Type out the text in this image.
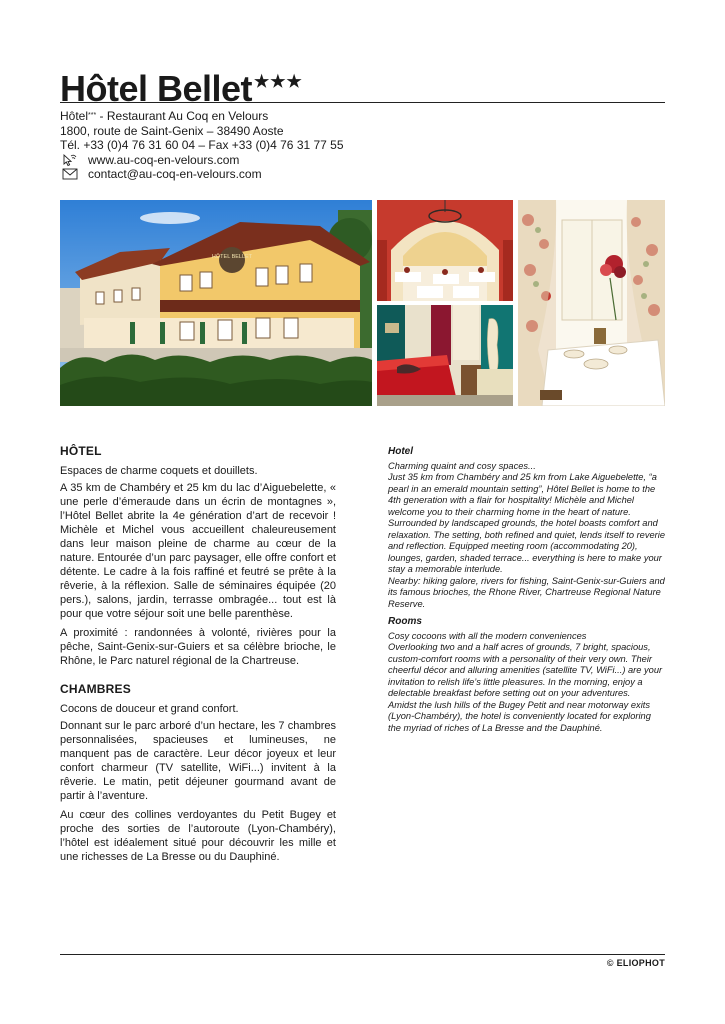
Hôtel Bellet ★★★
Hôtel *** - Restaurant Au Coq en Velours
1800, route de Saint-Genix – 38490 Aoste
Tél. +33 (0)4 76 31 60 04 – Fax +33 (0)4 76 31 77 55
www.au-coq-en-velours.com
contact@au-coq-en-velours.com
HÔTEL BELLET
HÔTEL

Espaces de charme coquets et douillets.

A 35 km de Chambéry et 25 km du lac d’Aiguebelette, « une perle d’émeraude dans un écrin de montagnes », l’Hôtel Bellet abrite la 4e génération d’art de recevoir ! Michèle et Michel vous accueillent chaleureusement dans leur maison pleine de charme au cœur de la nature. Entourée d’un parc paysager, elle offre confort et détente. Le cadre à la fois raffiné et feutré se prête à la rêverie, à la réflexion. Salle de séminaires équipée (20 pers.), salons, jardin, terrasse ombragée... tout est là pour que votre séjour soit une belle parenthèse.

A proximité : randonnées à volonté, rivières pour la pêche, Saint-Genix-sur-Guiers et sa célèbre brioche, le Rhône, le Parc naturel régional de la Chartreuse.

CHAMBRES

Cocons de douceur et grand confort.

Donnant sur le parc arboré d’un hectare, les 7 chambres personnalisées, spacieuses et lumineuses, ne manquent pas de caractère. Leur décor joyeux et leur confort charmeur (TV satellite, WiFi...) invitent à la rêverie. Le matin, petit déjeuner gourmand avant de partir à l’aventure.

Au cœur des collines verdoyantes du Petit Bugey et proche des sorties de l’autoroute (Lyon-Chambéry), l’hôtel est idéalement situé pour découvrir les mille et une richesses de La Bresse ou du Dauphiné.

Hotel

Charming quaint and cosy spaces...

Just 35 km from Chambéry and 25 km from Lake Aiguebelette, “a pearl in an emerald mountain setting”, Hôtel Bellet is home to the 4th generation with a flair for hospitality! Michèle and Michel welcome you to their charming home in the heart of nature. Surrounded by landscaped grounds, the hotel boasts comfort and relaxation. The setting, both refined and quiet, lends itself to reverie and reflection. Equipped meeting room (accommodating 20), lounges, garden, shaded terrace... everything is here to make your stay a memorable interlude.

Nearby: hiking galore, rivers for fishing, Saint-Genix-sur-Guiers and its famous brioches, the Rhone River, Chartreuse Regional Nature Reserve.

Rooms

Cosy cocoons with all the modern conveniences

Overlooking two and a half acres of grounds, 7 bright, spacious, custom-comfort rooms with a personality of their very own. Their cheerful décor and alluring amenities (satellite TV, WiFi...) are your invitation to relish life’s little pleasures. In the morning, enjoy a delectable breakfast before setting out on your adventures.

Amidst the lush hills of the Bugey Petit and near motorway exits (Lyon-Chambéry), the hotel is conveniently located for exploring the myriad of riches of La Bresse and the Dauphiné.

© ELIOPHOT
